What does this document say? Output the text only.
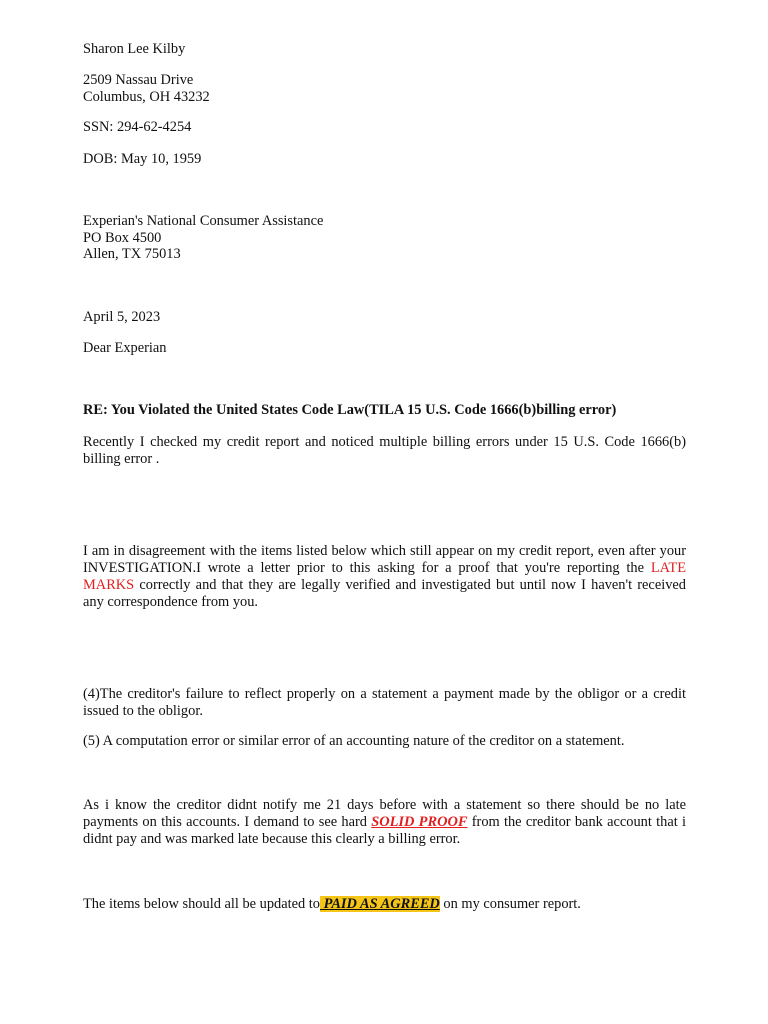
Sharon Lee Kilby
2509 Nassau Drive
Columbus, OH 43232
SSN: 294-62-4254
DOB: May 10, 1959
Experian's National Consumer Assistance
PO Box 4500
Allen, TX 75013
April 5, 2023
Dear Experian
RE: You Violated the United States Code Law(TILA 15 U.S. Code 1666(b)billing error)
Recently I checked my credit report and noticed multiple billing errors under 15 U.S. Code 1666(b) billing error .
I am in disagreement with the items listed below which still appear on my credit report, even after your INVESTIGATION.I wrote a letter prior to this asking for a proof that you're reporting the LATE MARKS correctly and that they are legally verified and investigated but until now I haven't received any correspondence from you.
(4)The creditor's failure to reflect properly on a statement a payment made by the obligor or a credit issued to the obligor.
(5) A computation error or similar error of an accounting nature of the creditor on a statement.
As i know the creditor didnt notify me 21 days before with a statement so there should be no late payments on this accounts. I demand to see hard SOLID PROOF from the creditor bank account that i didnt pay and was marked late because this clearly a billing error.
The items below should all be updated to PAID AS AGREED on my consumer report.
